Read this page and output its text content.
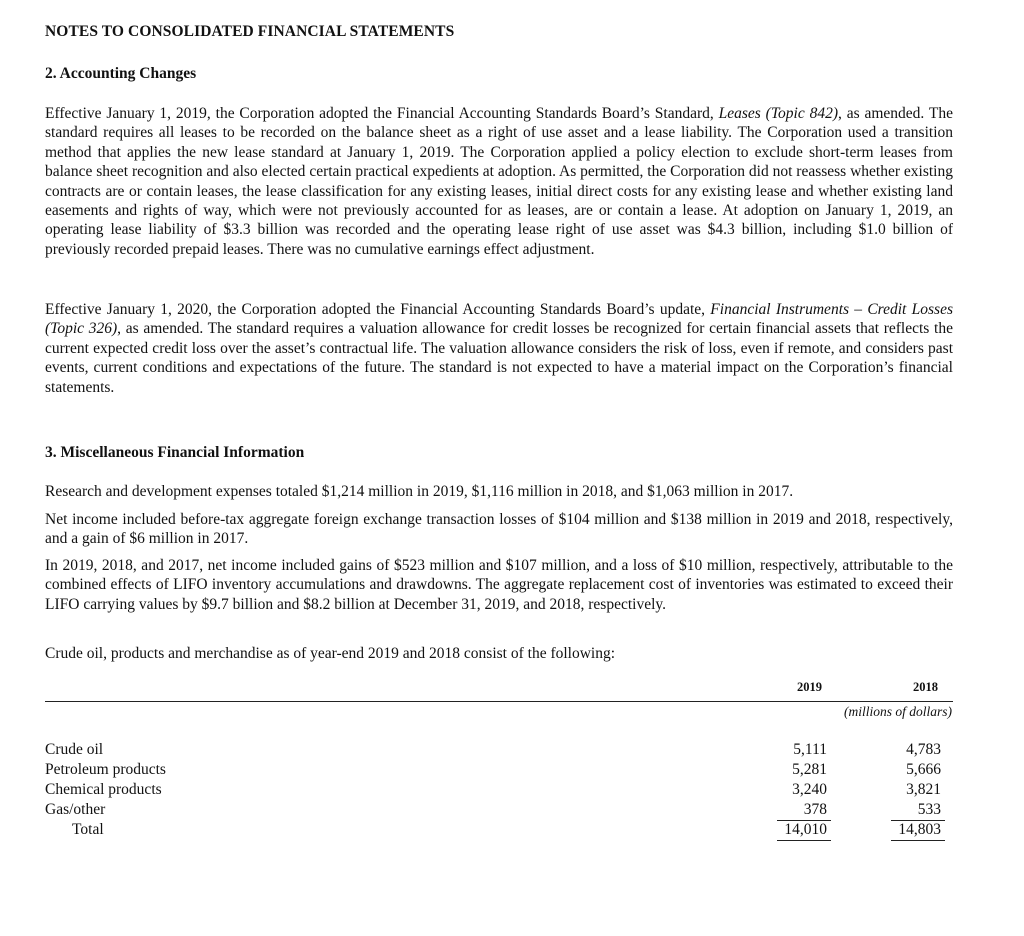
NOTES TO CONSOLIDATED FINANCIAL STATEMENTS
2. Accounting Changes

Effective January 1, 2019, the Corporation adopted the Financial Accounting Standards Board’s Standard, Leases (Topic 842), as amended. The standard requires all leases to be recorded on the balance sheet as a right of use asset and a lease liability. The Corporation used a transition method that applies the new lease standard at January 1, 2019. The Corporation applied a policy election to exclude short-term leases from balance sheet recognition and also elected certain practical expedients at adoption. As permitted, the Corporation did not reassess whether existing contracts are or contain leases, the lease classification for any existing leases, initial direct costs for any existing lease and whether existing land easements and rights of way, which were not previously accounted for as leases, are or contain a lease. At adoption on January 1, 2019, an operating lease liability of $3.3 billion was recorded and the operating lease right of use asset was $4.3 billion, including $1.0 billion of previously recorded prepaid leases. There was no cumulative earnings effect adjustment.

Effective January 1, 2020, the Corporation adopted the Financial Accounting Standards Board’s update, Financial Instruments – Credit Losses (Topic 326), as amended. The standard requires a valuation allowance for credit losses be recognized for certain financial assets that reflects the current expected credit loss over the asset’s contractual life. The valuation allowance considers the risk of loss, even if remote, and considers past events, current conditions and expectations of the future. The standard is not expected to have a material impact on the Corporation’s financial statements.

3. Miscellaneous Financial Information

Research and development expenses totaled $1,214 million in 2019, $1,116 million in 2018, and $1,063 million in 2017.

Net income included before-tax aggregate foreign exchange transaction losses of $104 million and $138 million in 2019 and 2018, respectively, and a gain of $6 million in 2017.

In 2019, 2018, and 2017, net income included gains of $523 million and $107 million, and a loss of $10 million, respectively, attributable to the combined effects of LIFO inventory accumulations and drawdowns. The aggregate replacement cost of inventories was estimated to exceed their LIFO carrying values by $9.7 billion and $8.2 billion at December 31, 2019, and 2018, respectively.

Crude oil, products and merchandise as of year-end 2019 and 2018 consist of the following:

2019	2018
(millions of dollars)
Crude oil	5,111	4,783
Petroleum products	5,281	5,666
Chemical products	3,240	3,821
Gas/other	378	533
Total	14,010	14,803
